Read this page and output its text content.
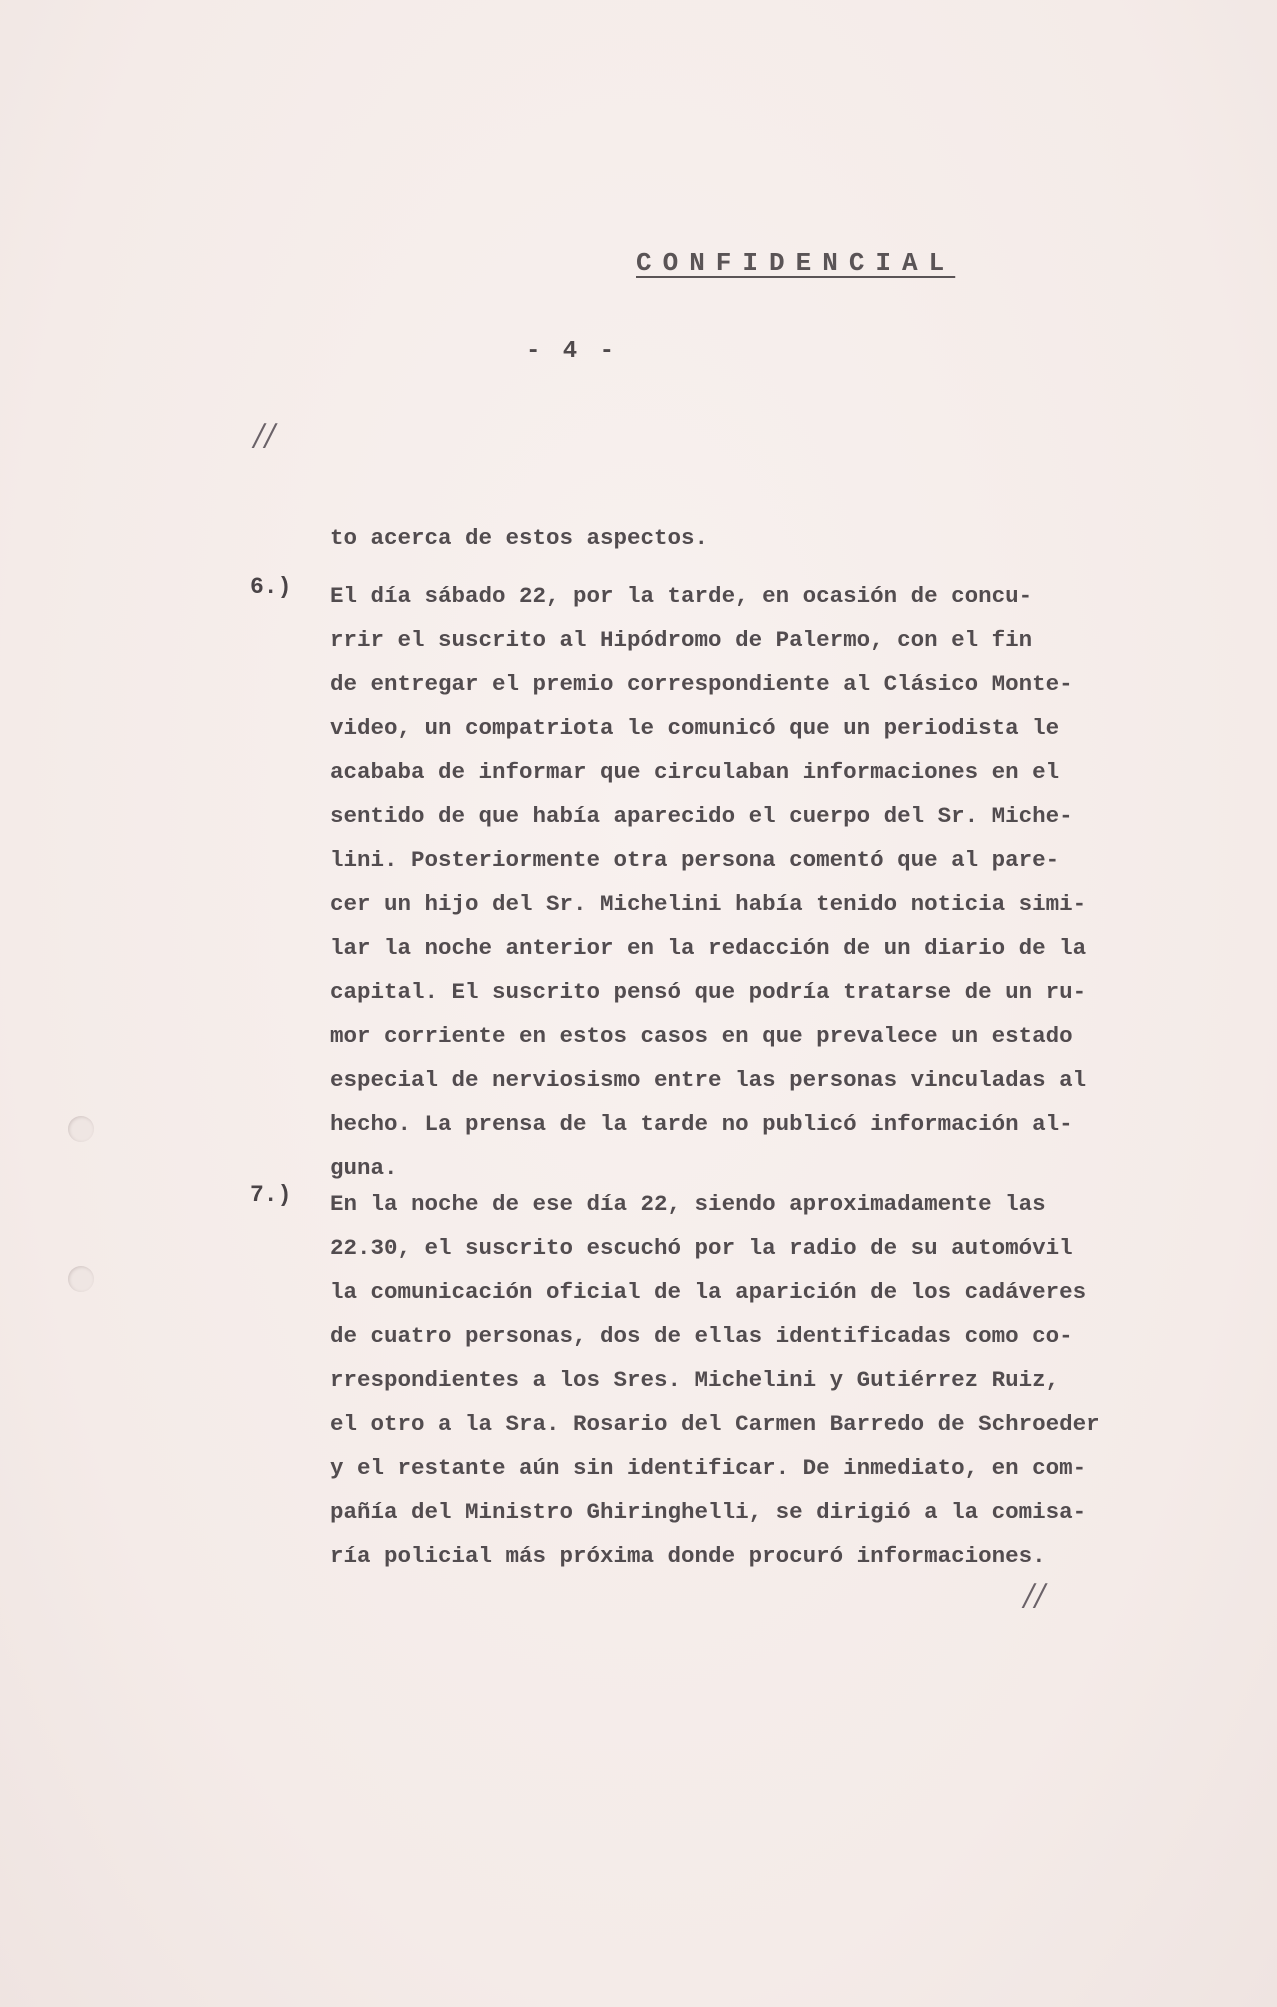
CONFIDENCIAL
- 4 -
//
to acerca de estos aspectos.
6.) El día sábado 22, por la tarde, en ocasión de concu-
rrir el suscrito al Hipódromo de Palermo, con el fin
de entregar el premio correspondiente al Clásico Monte-
video, un compatriota le comunicó que un periodista le
acababa de informar que circulaban informaciones en el
sentido de que había aparecido el cuerpo del Sr. Miche-
lini. Posteriormente otra persona comentó que al pare-
cer un hijo del Sr. Michelini había tenido noticia simi-
lar la noche anterior en la redacción de un diario de la
capital. El suscrito pensó que podría tratarse de un ru-
mor corriente en estos casos en que prevalece un estado
especial de nerviosismo entre las personas vinculadas al
hecho. La prensa de la tarde no publicó información al-
guna.
7.) En la noche de ese día 22, siendo aproximadamente las
22.30, el suscrito escuchó por la radio de su automóvil
la comunicación oficial de la aparición de los cadáveres
de cuatro personas, dos de ellas identificadas como co-
rrespondientes a los Sres. Michelini y Gutiérrez Ruiz,
el otro a la Sra. Rosario del Carmen Barredo de Schroeder
y el restante aún sin identificar. De inmediato, en com-
pañía del Ministro Ghiringhelli, se dirigió a la comisa-
ría policial más próxima donde procuró informaciones.
//
